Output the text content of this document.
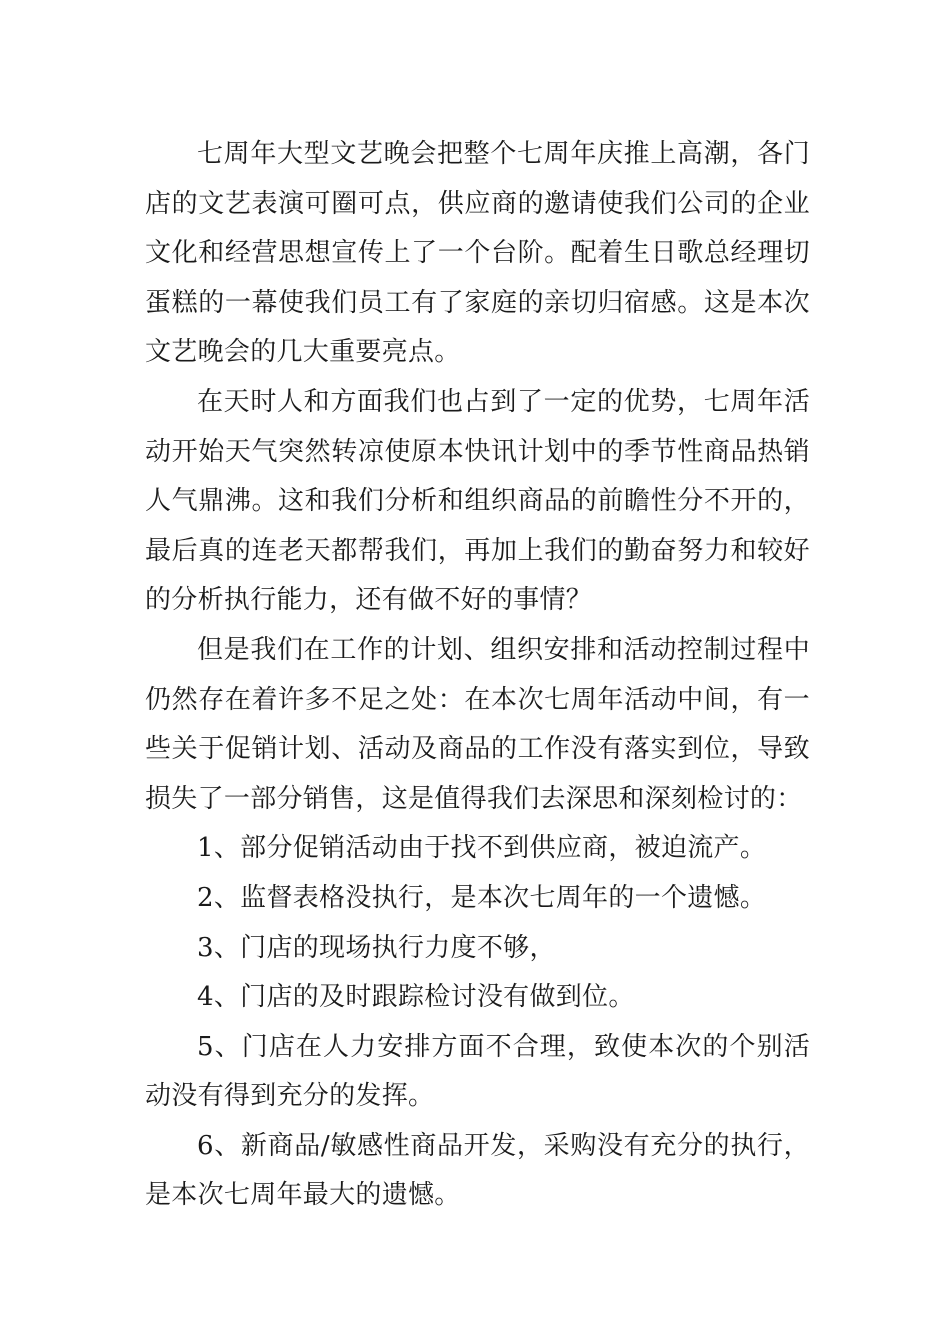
七周年大型文艺晚会把整个七周年庆推上高潮，各门店的文艺表演可圈可点，供应商的邀请使我们公司的企业文化和经营思想宣传上了一个台阶。配着生日歌总经理切蛋糕的一幕使我们员工有了家庭的亲切归宿感。这是本次文艺晚会的几大重要亮点。

在天时人和方面我们也占到了一定的优势，七周年活动开始天气突然转凉使原本快讯计划中的季节性商品热销人气鼎沸。这和我们分析和组织商品的前瞻性分不开的，最后真的连老天都帮我们，再加上我们的勤奋努力和较好的分析执行能力，还有做不好的事情？

但是我们在工作的计划、组织安排和活动控制过程中仍然存在着许多不足之处：在本次七周年活动中间，有一些关于促销计划、活动及商品的工作没有落实到位，导致损失了一部分销售，这是值得我们去深思和深刻检讨的：

1、部分促销活动由于找不到供应商，被迫流产。

2、监督表格没执行，是本次七周年的一个遗憾。

3、门店的现场执行力度不够，

4、门店的及时跟踪检讨没有做到位。

5、门店在人力安排方面不合理，致使本次的个别活动没有得到充分的发挥。

6、新商品/敏感性商品开发，采购没有充分的执行，是本次七周年最大的遗憾。
